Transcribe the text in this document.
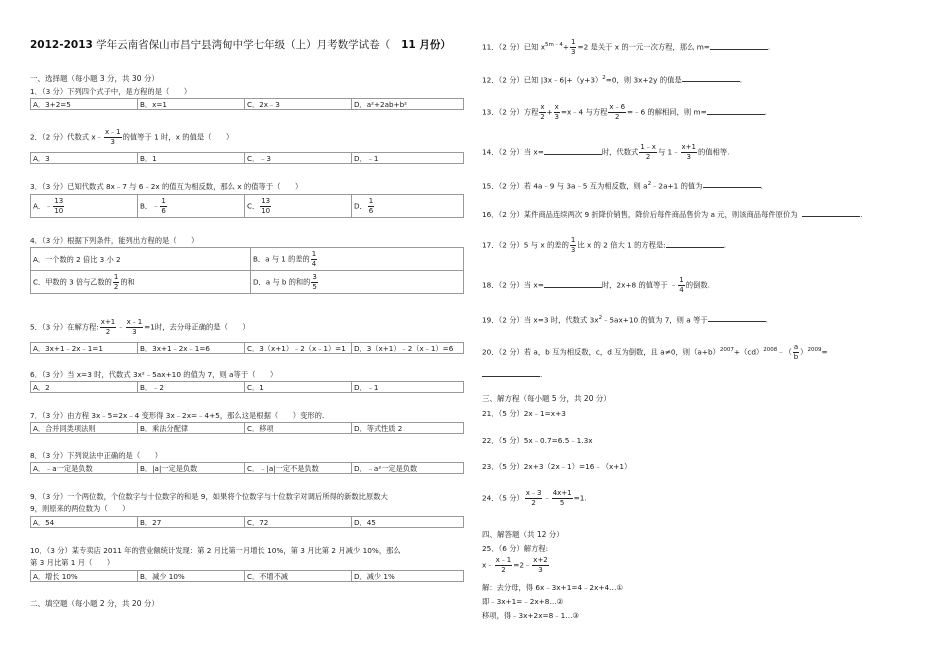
2012-2013 学年云南省保山市昌宁县湾甸中学七年级（上）月考数学试卷（ 11 月份）
一、选择题（每小题 3 分，共 30 分）
1．（3 分）下列四个式子中，是方程的是（　　）
A．3+2=5	B．x=1	C．2x﹣3	D．a²+2ab+b²
2．（2 分）代数式 x﹣ $\frac{x﹣1}{3}$ 的值等于 1 时，x 的值是（　　）
A．3	B．1	C．﹣3	D．﹣1
3．（3 分）已知代数式 8x﹣7 与 6﹣2x 的值互为相反数，那么 x 的值等于（　　）
A．﹣ $\frac{13}{10}$	B．﹣ $\frac{1}{6}$	C． $\frac{13}{10}$	D． $\frac{1}{6}$
4．（3 分）根据下列条件，能列出方程的是（　　）
A．一个数的 2 倍比 3 小 2	B．a 与 1 的差的 $\frac{1}{4}$

C．甲数的 3 倍与乙数的 $\frac{1}{2}$ 的和	D．a 与 b 的和的 $\frac{3}{5}$
5．（3 分）在解方程: $\frac{x+1}{2}$ ﹣ $\frac{x﹣1}{3} =1$时，去分母正确的是（　　）
A．3x+1﹣2x﹣1=1	B．3x+1﹣2x﹣1=6	C．3（x+1）﹣2（x﹣1）=1	D．3（x+1）﹣2（x﹣1）=6
6．（3 分）当 x=3 时，代数式 3x²﹣5ax+10 的值为 7，则 a等于（　　）
A．2	B．﹣2	C．1	D．﹣1
7．（3 分）由方程 3x﹣5=2x﹣4 变形得 3x﹣2x=﹣4+5，那么这是根据（　　）变形的.
A．合并同类项法则	B．乘法分配律	C．移项	D．等式性质 2
8．（3 分）下列说法中正确的是（　　）
A．﹣a一定是负数	B．|a|一定是负数	C．﹣|a|一定不是负数	D．﹣a²一定是负数
9．（3 分）一个两位数，个位数字与十位数字的和是 9，如果将个位数字与十位数字对调后所得的新数比原数大
9，则原来的两位数为（　　）
A．54	B．27	C．72	D．45
10．（3 分）某专卖店 2011 年的营业额统计发现：第 2 月比第一月增长 10%，第 3 月比第 2 月减少 10%，那么
第 3 月比第 1 月（　　）
A．增长 10%	B．减少 10%	C．不增不减	D．减少 1%
二、填空题（每小题 2 分，共 20 分）
11．（2 分）已知 $x^{5m﹣4}+ \frac{1}{3} =2$ 是关于 x 的一元一次方程，那么 m=	.
12．（2 分）已知 $|3x﹣6|+(y+3)^2=0$，则 3x+2y 的值是	.
13．（2 分）方程 $\frac{x}{2} + \frac{x}{3}$ =x﹣4 与方程 $\frac{x﹣6}{2}$ =﹣6 的解相同，则 m=	.
14．（2 分）当 x=	时，代数式 $\frac{1﹣x}{2}$ 与 1﹣ $\frac{x+1}{3}$ 的值相等.
15．（2 分）若 4a﹣9 与 3a﹣5 互为相反数，则 $a^2﹣2a+1$ 的值为	.
16．（2 分）某件商品连续两次 9 折降价销售，降价后每件商品售价为 a 元，则该商品每件原价为	.
17．（2 分）5 与 x 的差的 $\frac{1}{3}$ 比 x 的 2 倍大 1 的方程是:	.
18．（2 分）当 x=	时，2x+8 的值等于 ﹣ $\frac{1}{4}$ 的倒数.
19．（2 分）当 x=3 时，代数式 $3x^2﹣5ax+10$ 的值为 7，则 a 等于	.
20．（2 分）若 a，b 互为相反数，c，d 互为倒数，且 a≠0，则$(a+b)^{2007}+(cd)^{2008}﹣( \frac{a}{b} )^{2009}=$
.
三、解方程（每小题 5 分，共 20 分）
21．（5 分）2x﹣1=x+3
22．（5 分）5x﹣0.7=6.5﹣1.3x
23．（5 分）2x+3（2x﹣1）=16﹣（x+1）
24．（5 分） $\frac{x﹣3}{2}$ ﹣ $\frac{4x+1}{5} =1$.
四、解答题（共 12 分）
25．（6 分）解方程:
x﹣ $\frac{x﹣1}{2}$ =2﹣ $\frac{x+2}{3}$
解：去分母，得 6x﹣3x+1=4﹣2x+4…①
即﹣3x+1=﹣2x+8…②
移项，得﹣3x+2x=8﹣1…③
